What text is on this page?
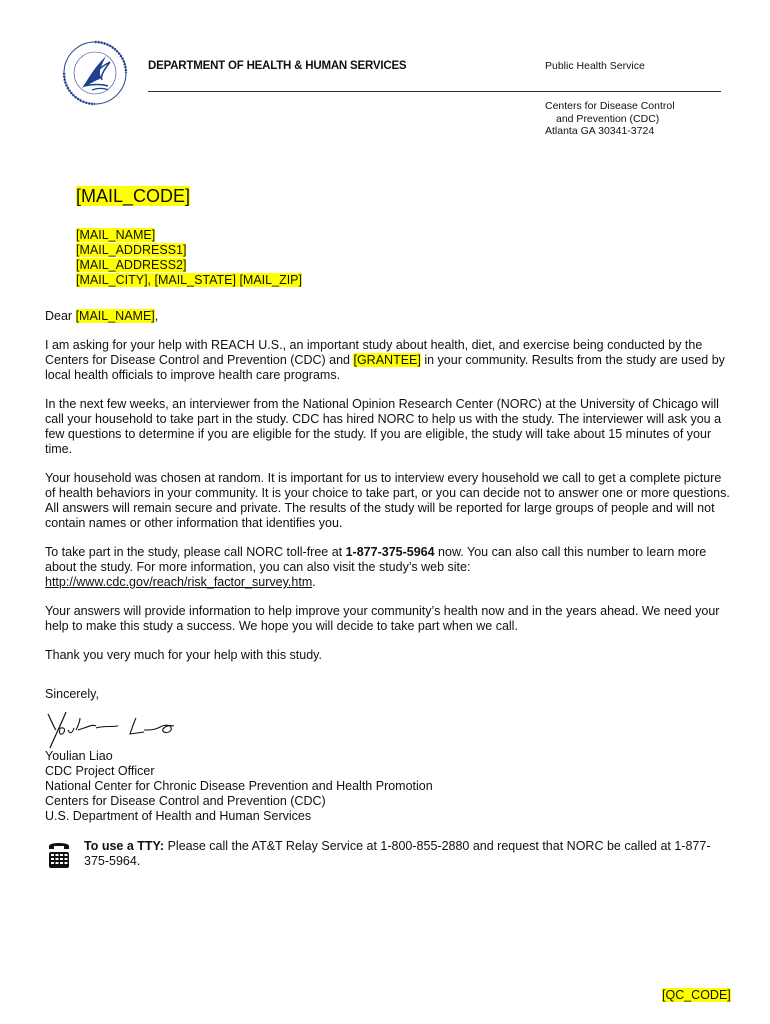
DEPARTMENT OF HEALTH & HUMAN SERVICES	Public Health Service
Centers for Disease Control
and Prevention (CDC)
Atlanta GA 30341-3724
[MAIL_CODE]
[MAIL_NAME]
[MAIL_ADDRESS1]
[MAIL_ADDRESS2]
[MAIL_CITY], [MAIL_STATE] [MAIL_ZIP]

Dear [MAIL_NAME],

I am asking for your help with REACH U.S., an important study about health, diet, and exercise being conducted by the Centers for Disease Control and Prevention (CDC) and [GRANTEE] in your community. Results from the study are used by local health officials to improve health care programs.

In the next few weeks, an interviewer from the National Opinion Research Center (NORC) at the University of Chicago will call your household to take part in the study. CDC has hired NORC to help us with the study. The interviewer will ask you a few questions to determine if you are eligible for the study. If you are eligible, the study will take about 15 minutes of your time.

Your household was chosen at random. It is important for us to interview every household we call to get a complete picture of health behaviors in your community. It is your choice to take part, or you can decide not to answer one or more questions. All answers will remain secure and private. The results of the study will be reported for large groups of people and will not contain names or other information that identifies you.

To take part in the study, please call NORC toll-free at 1-877-375-5964 now. You can also call this number to learn more about the study. For more information, you can also visit the study’s web site: http://www.cdc.gov/reach/risk_factor_survey.htm.

Your answers will provide information to help improve your community’s health now and in the years ahead. We need your help to make this study a success. We hope you will decide to take part when we call.

Thank you very much for your help with this study.

Sincerely,

Youlian Liao
CDC Project Officer
National Center for Chronic Disease Prevention and Health Promotion
Centers for Disease Control and Prevention (CDC)
U.S. Department of Health and Human Services
To use a TTY: Please call the AT&T Relay Service at 1-800-855-2880 and request that NORC be called at 1-877-375-5964.
[QC_CODE]
